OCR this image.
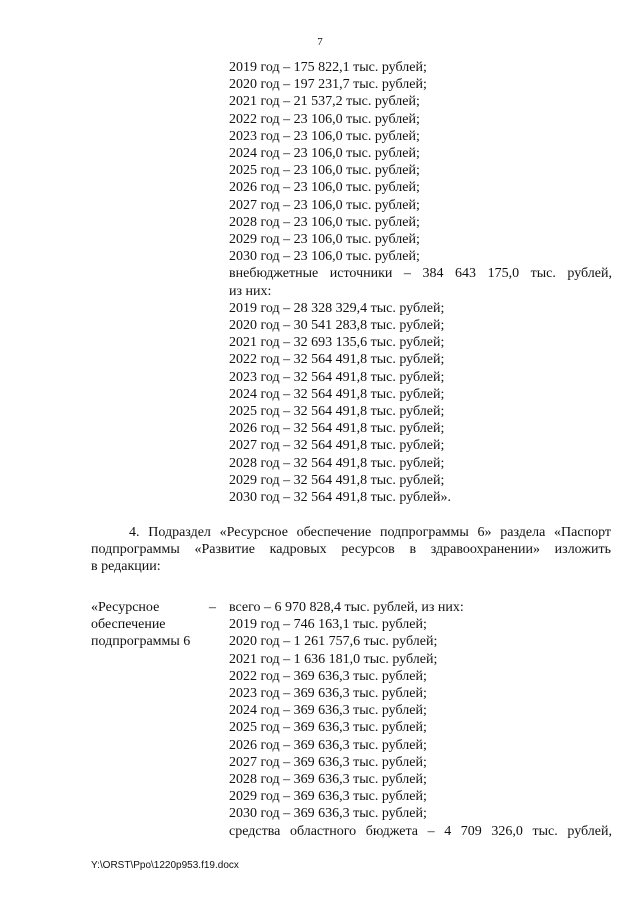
7
2019 год – 175 822,1 тыс. рублей;
2020 год – 197 231,7 тыс. рублей;
2021 год – 21 537,2 тыс. рублей;
2022 год – 23 106,0 тыс. рублей;
2023 год – 23 106,0 тыс. рублей;
2024 год – 23 106,0 тыс. рублей;
2025 год – 23 106,0 тыс. рублей;
2026 год – 23 106,0 тыс. рублей;
2027 год – 23 106,0 тыс. рублей;
2028 год – 23 106,0 тыс. рублей;
2029 год – 23 106,0 тыс. рублей;
2030 год – 23 106,0 тыс. рублей;
внебюджетные источники – 384 643 175,0 тыс. рублей,
из них:
2019 год – 28 328 329,4 тыс. рублей;
2020 год – 30 541 283,8 тыс. рублей;
2021 год – 32 693 135,6 тыс. рублей;
2022 год – 32 564 491,8 тыс. рублей;
2023 год – 32 564 491,8 тыс. рублей;
2024 год – 32 564 491,8 тыс. рублей;
2025 год – 32 564 491,8 тыс. рублей;
2026 год – 32 564 491,8 тыс. рублей;
2027 год – 32 564 491,8 тыс. рублей;
2028 год – 32 564 491,8 тыс. рублей;
2029 год – 32 564 491,8 тыс. рублей;
2030 год – 32 564 491,8 тыс. рублей».
4. Подраздел «Ресурсное обеспечение подпрограммы 6» раздела «Паспорт
подпрограммы «Развитие кадровых ресурсов в здравоохранении» изложить
в редакции:
«Ресурсное
обеспечение
подпрограммы 6
– всего – 6 970 828,4 тыс. рублей, из них:
2019 год – 746 163,1 тыс. рублей;
2020 год – 1 261 757,6 тыс. рублей;
2021 год – 1 636 181,0 тыс. рублей;
2022 год – 369 636,3 тыс. рублей;
2023 год – 369 636,3 тыс. рублей;
2024 год – 369 636,3 тыс. рублей;
2025 год – 369 636,3 тыс. рублей;
2026 год – 369 636,3 тыс. рублей;
2027 год – 369 636,3 тыс. рублей;
2028 год – 369 636,3 тыс. рублей;
2029 год – 369 636,3 тыс. рублей;
2030 год – 369 636,3 тыс. рублей;
средства областного бюджета – 4 709 326,0 тыс. рублей,
Y:\ORST\Ppo\1220p953.f19.docx
